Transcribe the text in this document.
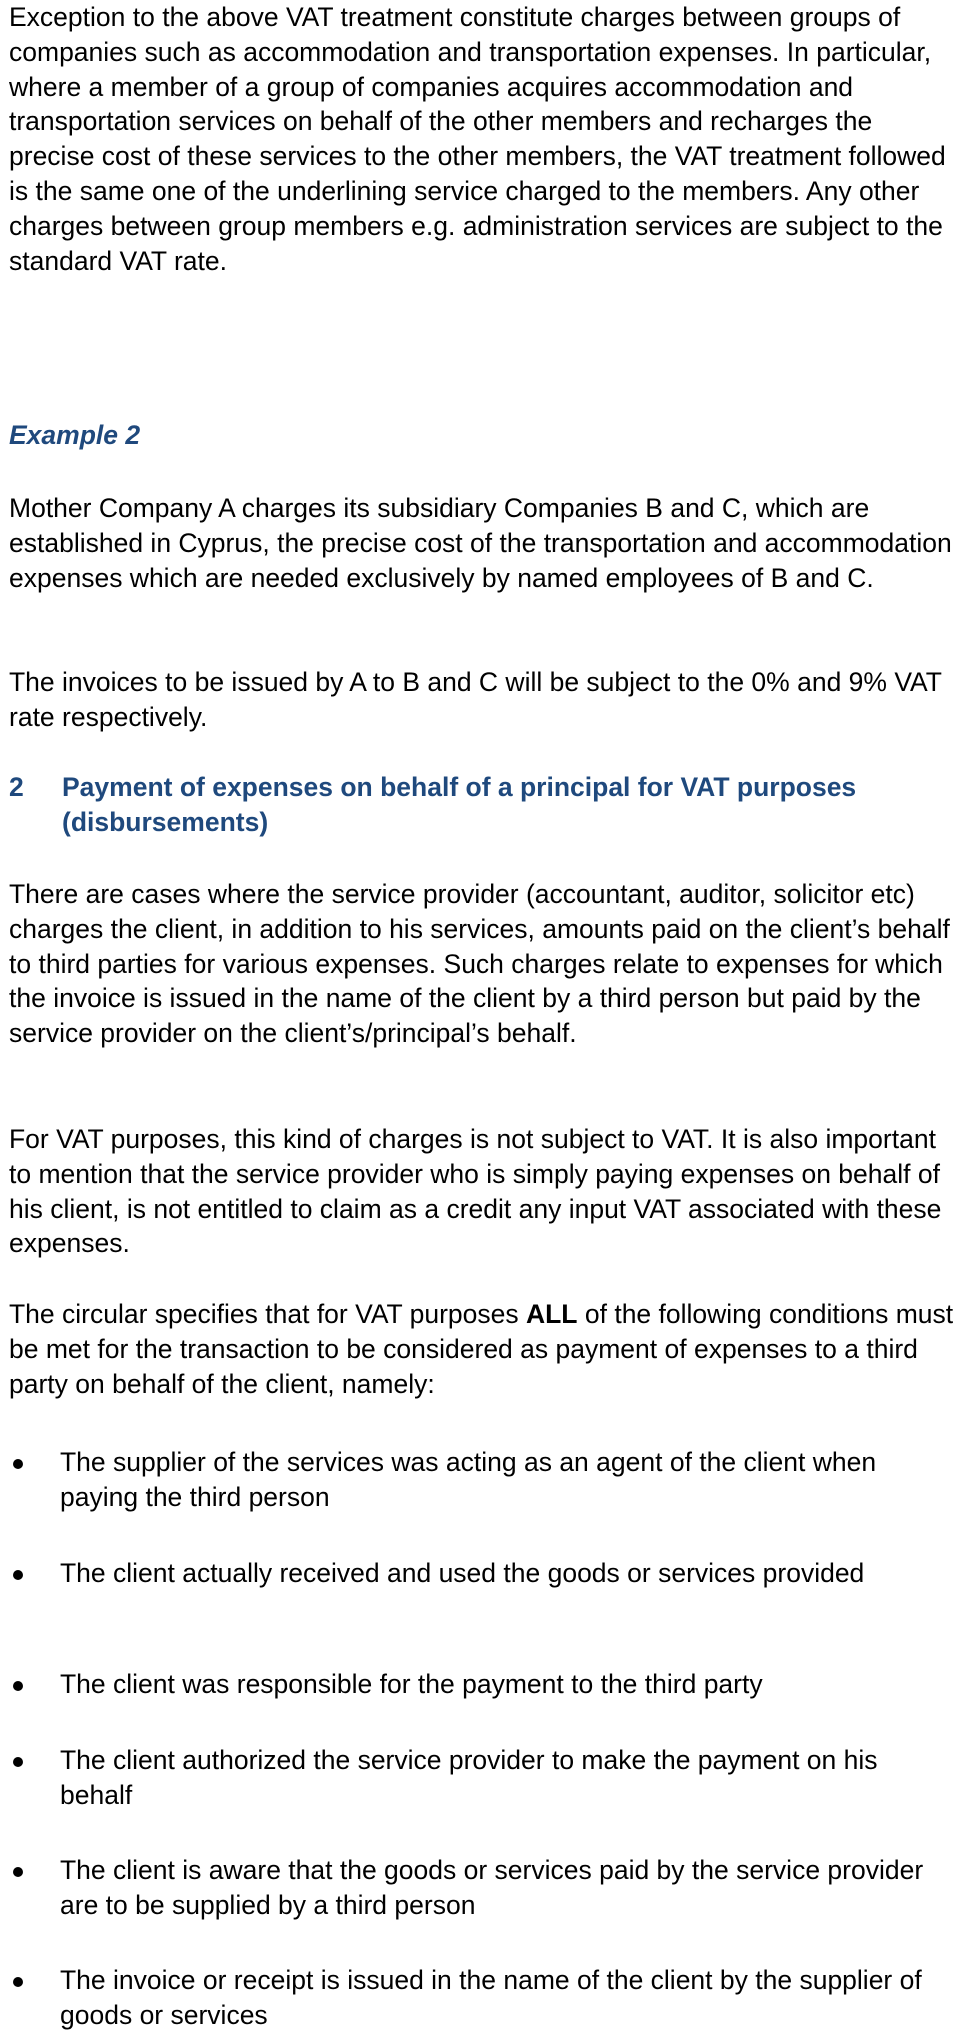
Exception to the above VAT treatment constitute charges between groups of companies such as accommodation and transportation expenses. In particular, where a member of a group of companies acquires accommodation and transportation services on behalf of the other members and recharges the precise cost of these services to the other members, the VAT treatment followed is the same one of the underlining service charged to the members. Any other charges between group members e.g. administration services are subject to the standard VAT rate.

Example 2

Mother Company A charges its subsidiary Companies B and C, which are established in Cyprus, the precise cost of the transportation and accommodation expenses which are needed exclusively by named employees of B and C.

The invoices to be issued by A to B and C will be subject to the 0% and 9% VAT rate respectively.

2 Payment of expenses on behalf of a principal for VAT purposes (disbursements)

There are cases where the service provider (accountant, auditor, solicitor etc) charges the client, in addition to his services, amounts paid on the client’s behalf to third parties for various expenses. Such charges relate to expenses for which the invoice is issued in the name of the client by a third person but paid by the service provider on the client’s/principal’s behalf.

For VAT purposes, this kind of charges is not subject to VAT. It is also important to mention that the service provider who is simply paying expenses on behalf of his client, is not entitled to claim as a credit any input VAT associated with these expenses.

The circular specifies that for VAT purposes ALL of the following conditions must be met for the transaction to be considered as payment of expenses to a third party on behalf of the client, namely:

The supplier of the services was acting as an agent of the client when paying the third person

The client actually received and used the goods or services provided

The client was responsible for the payment to the third party

The client authorized the service provider to make the payment on his behalf

The client is aware that the goods or services paid by the service provider are to be supplied by a third person

The invoice or receipt is issued in the name of the client by the supplier of goods or services
